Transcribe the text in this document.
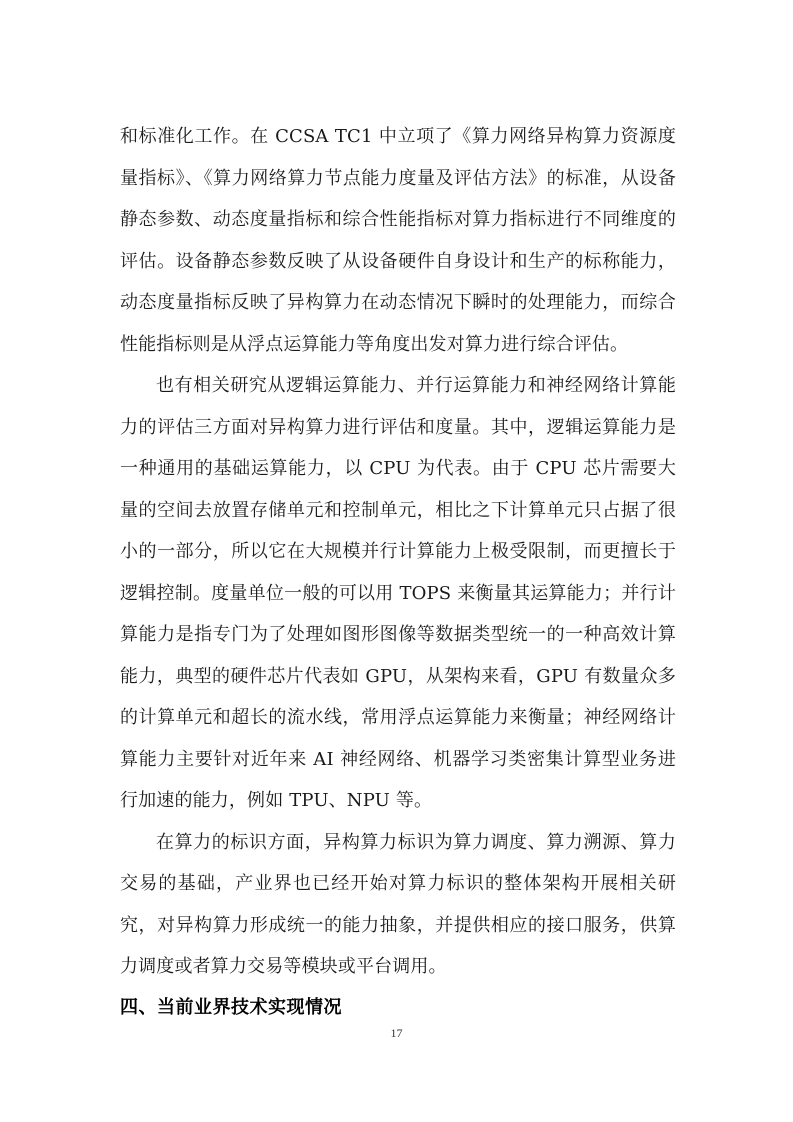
和标准化工作。在 CCSA TC1 中立项了《算力网络异构算力资源度量指标》、《算力网络算力节点能力度量及评估方法》的标准，从设备静态参数、动态度量指标和综合性能指标对算力指标进行不同维度的评估。设备静态参数反映了从设备硬件自身设计和生产的标称能力，动态度量指标反映了异构算力在动态情况下瞬时的处理能力，而综合性能指标则是从浮点运算能力等角度出发对算力进行综合评估。

也有相关研究从逻辑运算能力、并行运算能力和神经网络计算能力的评估三方面对异构算力进行评估和度量。其中，逻辑运算能力是一种通用的基础运算能力，以 CPU 为代表。由于 CPU 芯片需要大量的空间去放置存储单元和控制单元，相比之下计算单元只占据了很小的一部分，所以它在大规模并行计算能力上极受限制，而更擅长于逻辑控制。度量单位一般的可以用 TOPS 来衡量其运算能力；并行计算能力是指专门为了处理如图形图像等数据类型统一的一种高效计算能力，典型的硬件芯片代表如 GPU，从架构来看，GPU 有数量众多的计算单元和超长的流水线，常用浮点运算能力来衡量；神经网络计算能力主要针对近年来 AI 神经网络、机器学习类密集计算型业务进行加速的能力，例如 TPU、NPU 等。

在算力的标识方面，异构算力标识为算力调度、算力溯源、算力交易的基础，产业界也已经开始对算力标识的整体架构开展相关研究，对异构算力形成统一的能力抽象，并提供相应的接口服务，供算力调度或者算力交易等模块或平台调用。

四、当前业界技术实现情况
17
